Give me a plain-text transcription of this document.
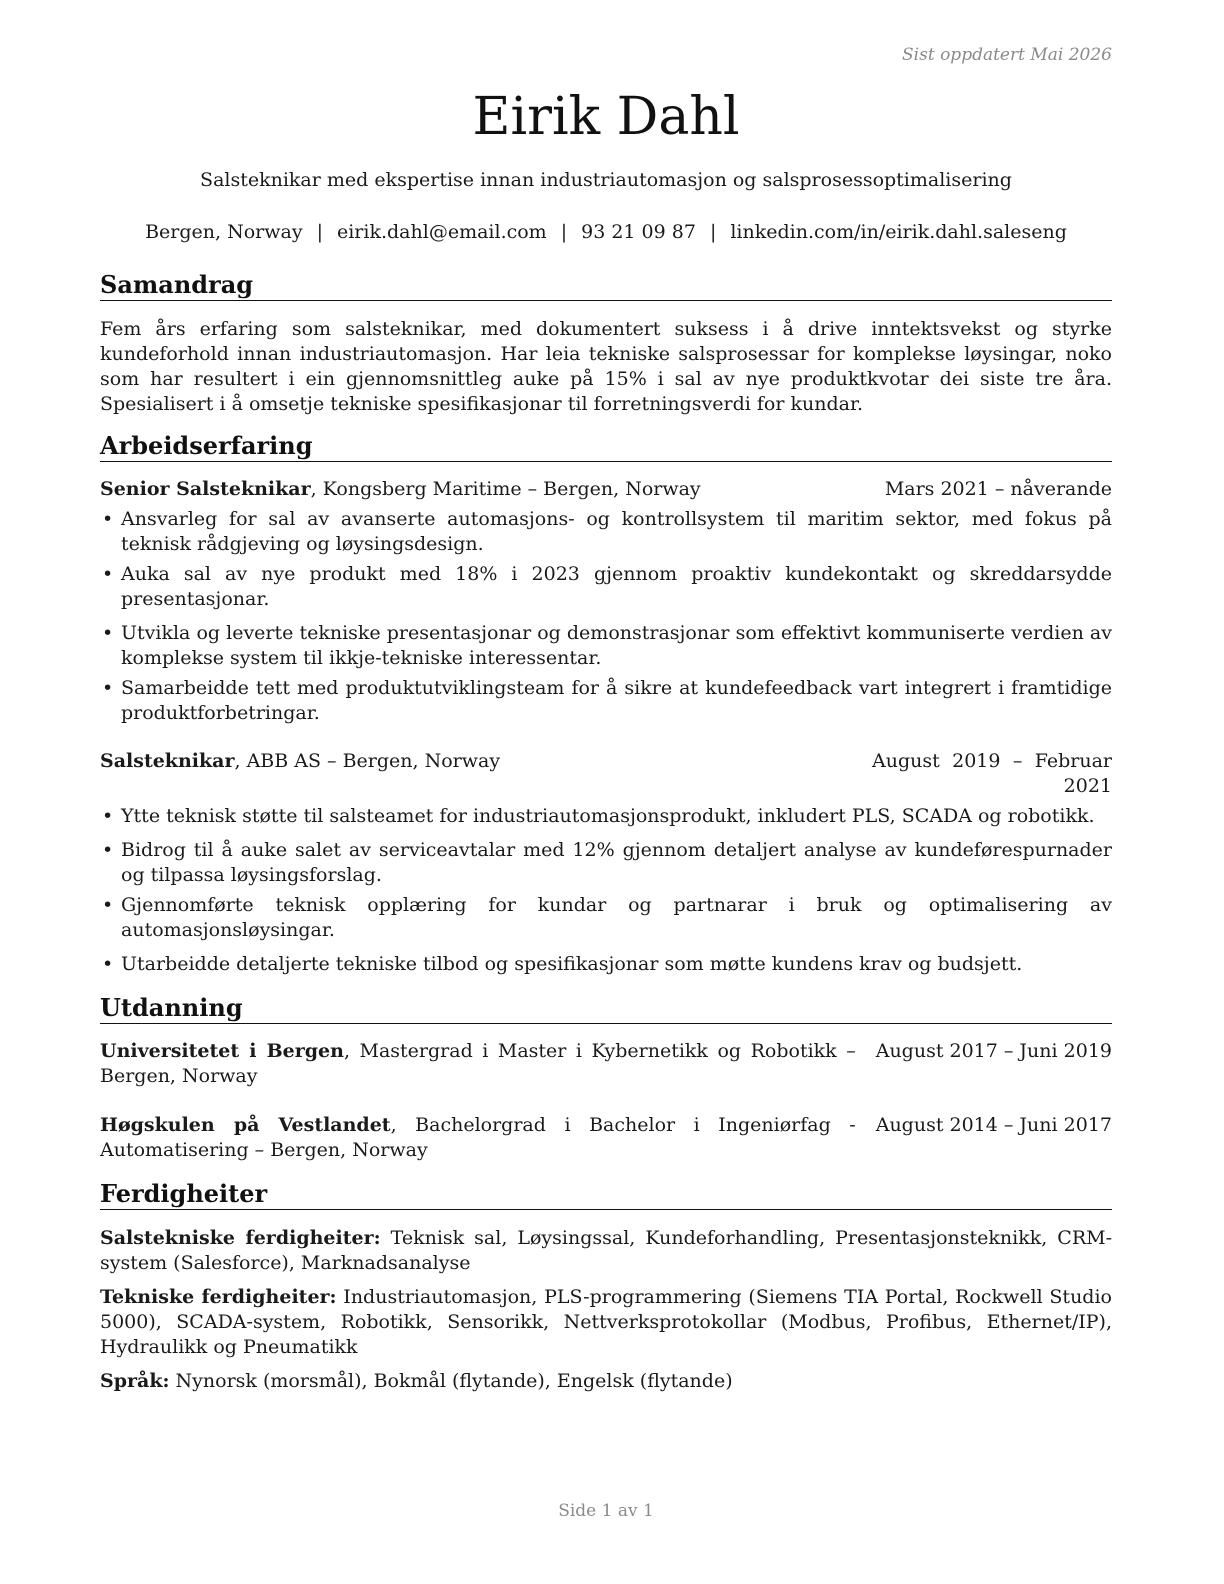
Sist oppdatert Mai 2026
Eirik Dahl
Salsteknikar med ekspertise innan industriautomasjon og salsprosessoptimalisering
Bergen, Norway | eirik.dahl@email.com | 93 21 09 87 | linkedin.com/in/eirik.dahl.saleseng
Samandrag

Fem års erfaring som salsteknikar, med dokumentert suksess i å drive inntektsvekst og styrke kundeforhold innan industriautomasjon. Har leia tekniske salsprosessar for komplekse løysingar, noko som har resultert i ein gjennomsnittleg auke på 15% i sal av nye produktkvotar dei siste tre åra. Spesialisert i å omsetje tekniske spesifikasjonar til forretningsverdi for kundar.

Arbeidserfaring
Senior Salsteknikar, Kongsberg Maritime – Bergen, Norway	Mars 2021 – nåverande
• Ansvarleg for sal av avanserte automasjons- og kontrollsystem til maritim sektor, med fokus på teknisk rådgjeving og løysingsdesign.
• Auka sal av nye produkt med 18% i 2023 gjennom proaktiv kundekontakt og skreddarsydde presentasjonar.
• Utvikla og leverte tekniske presentasjonar og demonstrasjonar som effektivt kommuniserte verdien av komplekse system til ikkje-tekniske interessentar.
• Samarbeidde tett med produktutviklingsteam for å sikre at kundefeedback vart integrert i framtidige produktforbetringar.
Salsteknikar, ABB AS – Bergen, Norway	August 2019 – Februar 2021
• Ytte teknisk støtte til salsteamet for industriautomasjonsprodukt, inkludert PLS, SCADA og robotikk.
• Bidrog til å auke salet av serviceavtalar med 12% gjennom detaljert analyse av kundeførespurnader og tilpassa løysingsforslag.
• Gjennomførte teknisk opplæring for kundar og partnarar i bruk og optimalisering av automasjonsløysingar.
• Utarbeidde detaljerte tekniske tilbod og spesifikasjonar som møtte kundens krav og budsjett.
Utdanning
Universitetet i Bergen, Mastergrad i Master i Kybernetikk og Robotikk – Bergen, Norway
August 2017 – Juni 2019
Høgskulen på Vestlandet, Bachelorgrad i Bachelor i Ingeniørfag - Automatisering – Bergen, Norway
August 2014 – Juni 2017
Ferdigheiter

Salstekniske ferdigheiter: Teknisk sal, Løysingssal, Kundeforhandling, Presentasjonsteknikk, CRM-system (Salesforce), Marknadsanalyse

Tekniske ferdigheiter: Industriautomasjon, PLS-programmering (Siemens TIA Portal, Rockwell Studio 5000), SCADA-system, Robotikk, Sensorikk, Nettverksprotokollar (Modbus, Profibus, Ethernet/IP), Hydraulikk og Pneumatikk

Språk: Nynorsk (morsmål), Bokmål (flytande), Engelsk (flytande)

Side 1 av 1
